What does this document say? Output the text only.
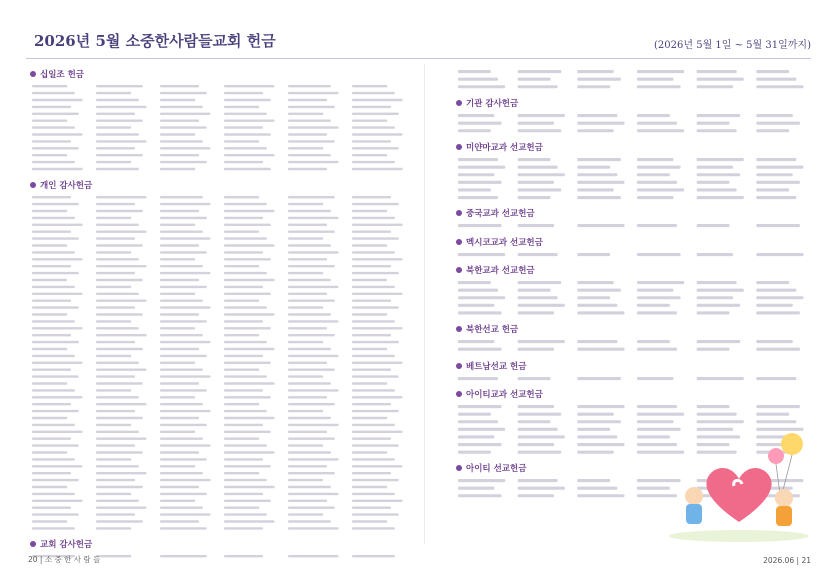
2026년 5월 소중한사람들교회 헌금	(2026년 5월 1일 ~ 5월 31일까지)
십일조 헌금
개인 감사헌금
교회 감사헌금
기관 감사헌금
미얀마교과 선교헌금
중국교과 선교헌금
멕시코교과 선교헌금
북한교과 선교헌금
북한선교 헌금
베트남선교 헌금
아이티교과 선교헌금
아이티 선교헌금
20 | 소 중 한 사 람 들	2026.06 | 21
